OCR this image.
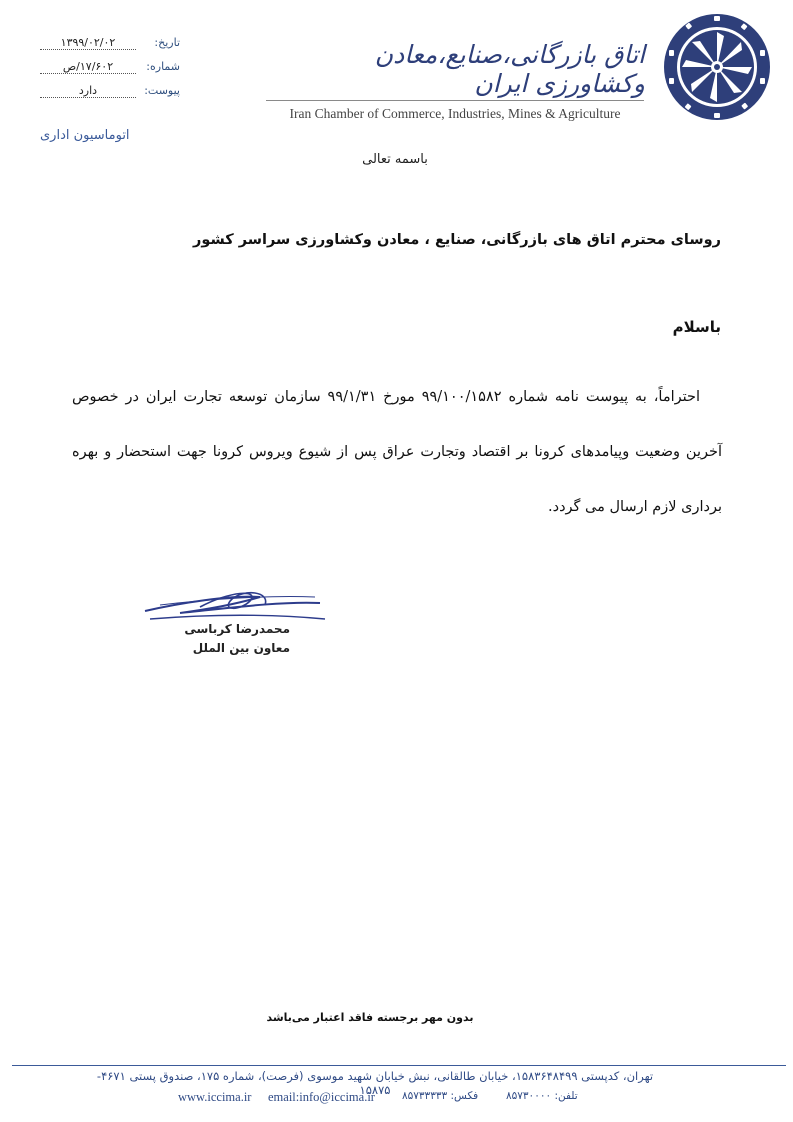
تاریخ:
۱۳۹۹/۰۲/۰۲
شماره:
۱۷/۶۰۲/ص
پیوست:
دارد
اتاق بازرگانی،صنایع،معادن وکشاورزی ایران
Iran Chamber of Commerce, Industries, Mines & Agriculture
اتوماسیون اداری
باسمه تعالی
روسای محترم اتاق های بازرگانی، صنایع ، معادن وکشاورزی سراسر کشور
باسلام

احتراماً، به پیوست نامه شماره ۹۹/۱۰۰/۱۵۸۲ مورخ ۹۹/۱/۳۱ سازمان توسعه تجارت ایران در خصوص آخرین وضعیت وپیامدهای کرونا بر اقتصاد وتجارت عراق پس از شیوع ویروس کرونا جهت استحضار و بهره برداری لازم ارسال می گردد.

محمدرضا کرباسی
معاون بین الملل
بدون مهر برجسته فاقد اعتبار می‌باشد
تهران، کدپستی ۱۵۸۳۶۴۸۴۹۹، خیابان طالقانی، نبش خیابان شهید موسوی (فرصت)، شماره ۱۷۵، صندوق پستی ۴۶۷۱- ۱۵۸۷۵
www.iccima.ir email:info@iccima.ir	فکس: ۸۵۷۳۳۳۳۳	تلفن: ۸۵۷۳۰۰۰۰
